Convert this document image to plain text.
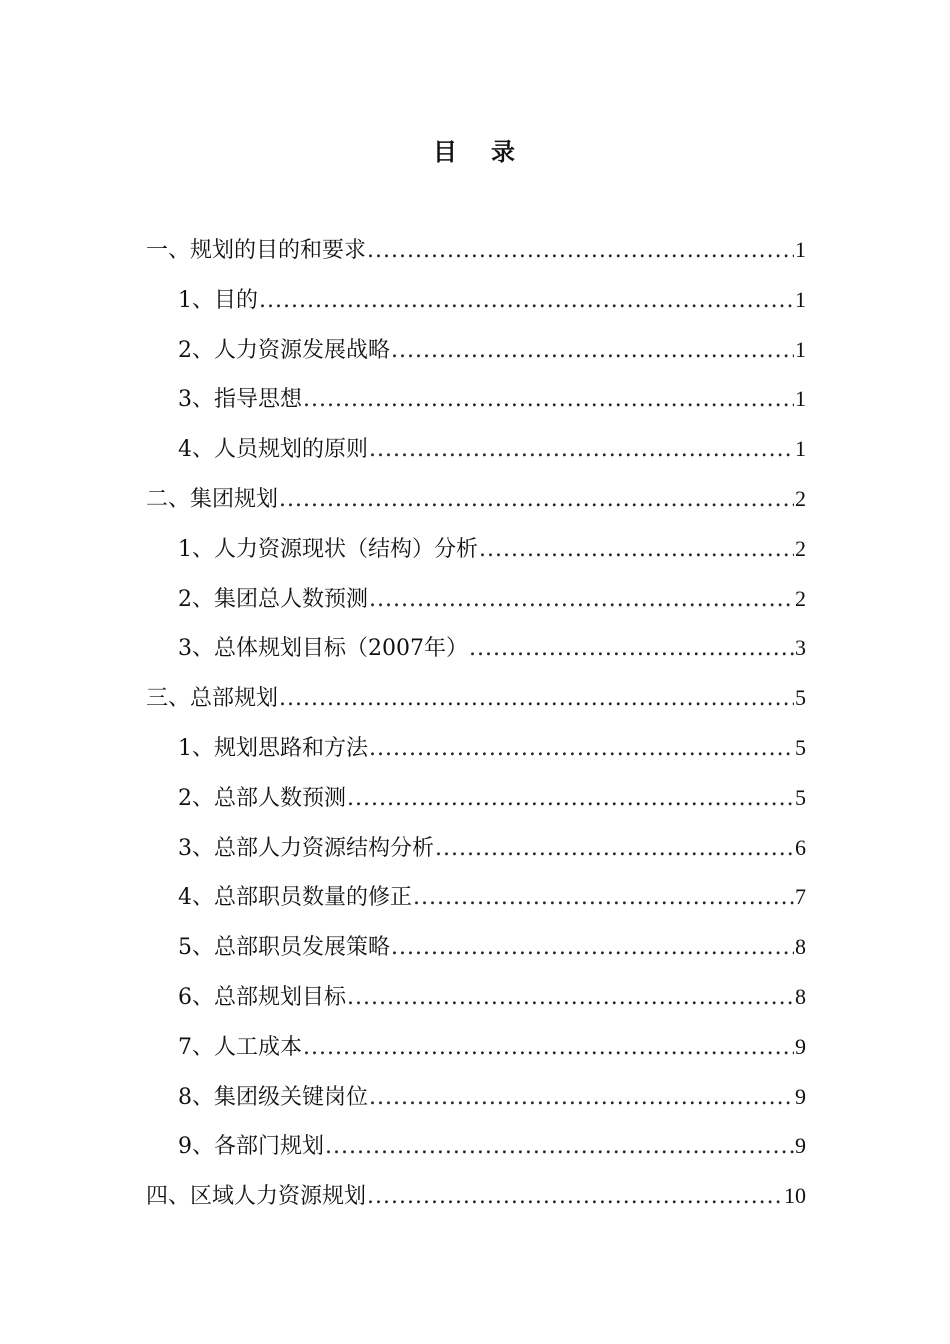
目 录
一、规划的目的和要求 .....	1
1、目的 .....	1
2、人力资源发展战略 .....	1
3、指导思想 .....	1
4、人员规划的原则 .....	1
二、集团规划 .....	2
1、人力资源现状（结构）分析 .....	2
2、集团总人数预测 .....	2
3、总体规划目标（2007年） .....	3
三、总部规划 .....	5
1、规划思路和方法 .....	5
2、总部人数预测 .....	5
3、总部人力资源结构分析 .....	6
4、总部职员数量的修正 .....	7
5、总部职员发展策略 .....	8
6、总部规划目标 .....	8
7、人工成本 .....	9
8、集团级关键岗位 .....	9
9、各部门规划 .....	9
四、区域人力资源规划 .....	10
